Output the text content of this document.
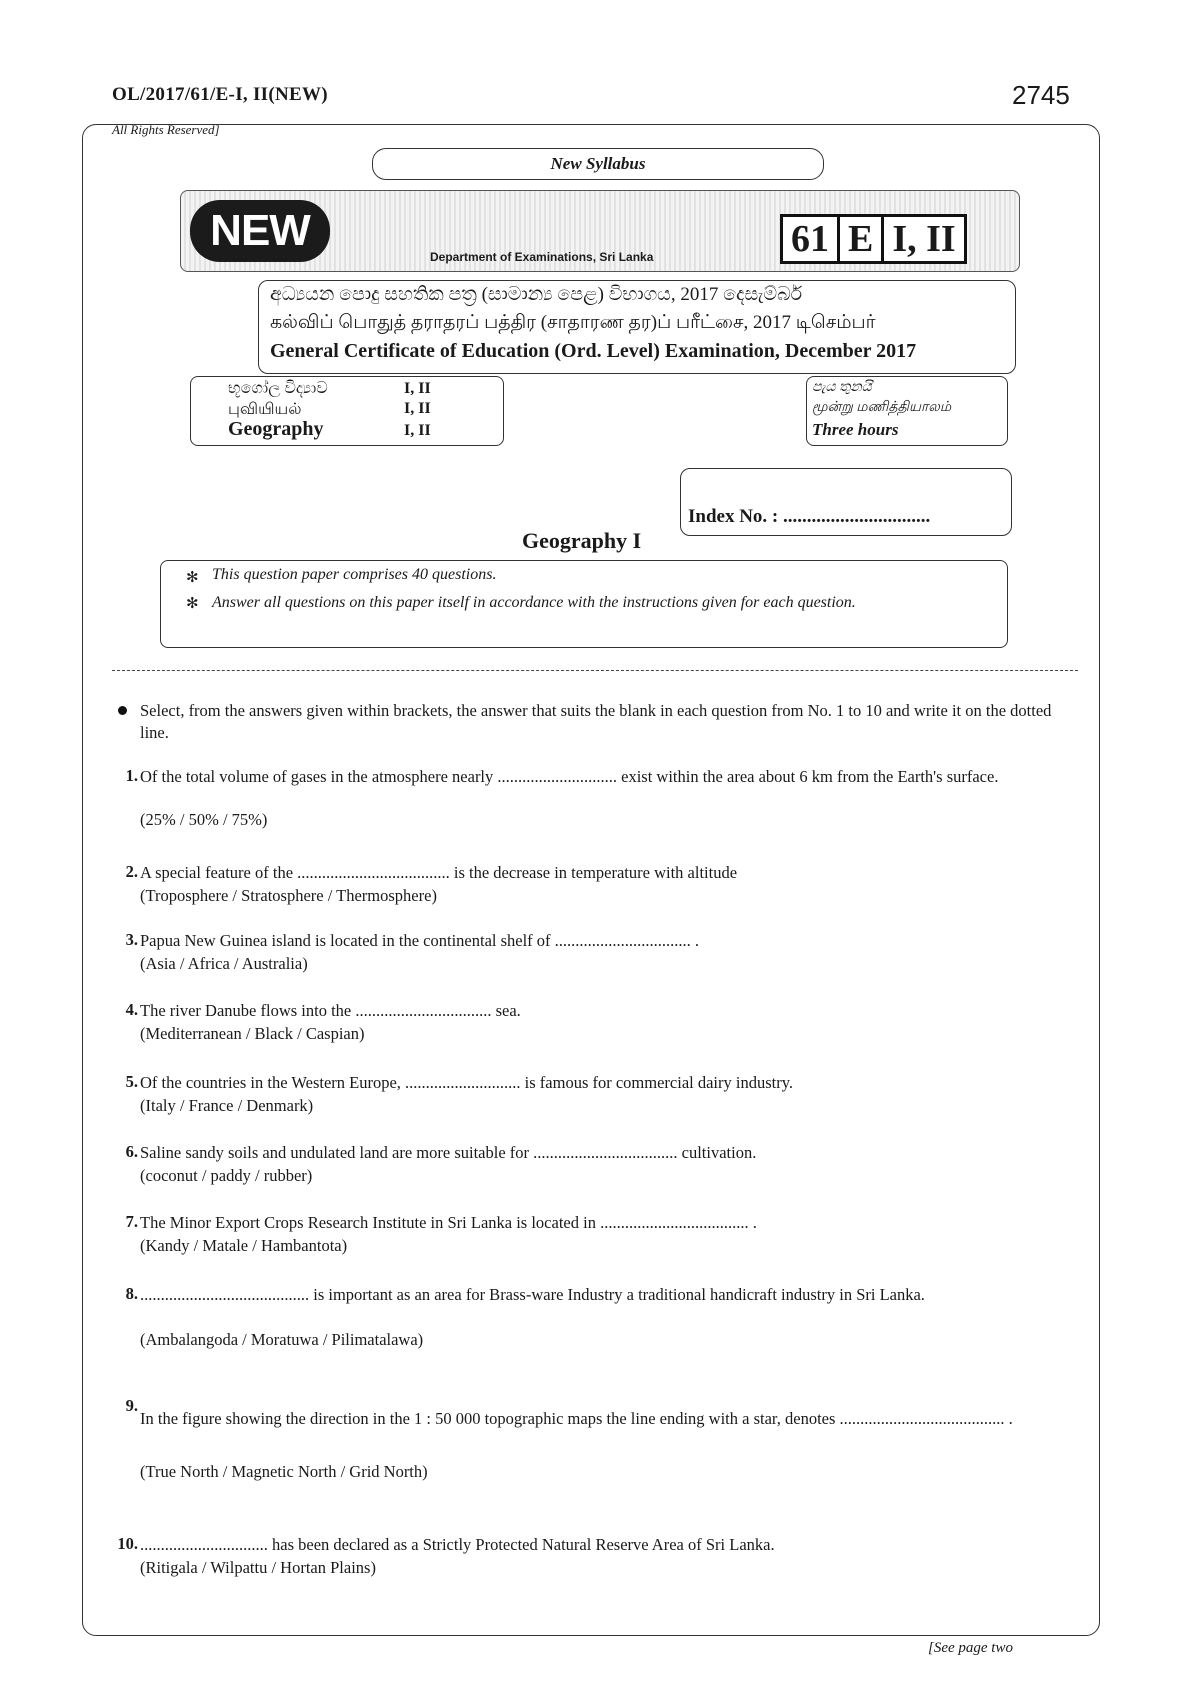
OL/2017/61/E-I, II(NEW)	2745
All Rights Reserved]
New Syllabus
NEW
Department of Examinations, Sri Lanka	61 E I, II
අධ්‍යයන පොදු සහතික පත්‍ර (සාමාන්‍ය පෙළ) විභාගය, 2017 දෙසැම්බර්
கல்விப் பொதுத் தராதரப் பத்திர (சாதாரண தர)ப் பரீட்சை, 2017 டிசெம்பர்
General Certificate of Education (Ord. Level) Examination, December 2017
භූගෝල විද්‍යාව	I, II
புவியியல்	I, II
Geography	I, II
පැය තුනයි
மூன்று மணித்தியாலம்
Three hours
Index No. : ...............................
Geography I
✻ This question paper comprises 40 questions.
✻ Answer all questions on this paper itself in accordance with the instructions given for each question.
Select, from the answers given within brackets, the answer that suits the blank in each question from No. 1 to 10 and write it on the dotted line.
1. Of the total volume of gases in the atmosphere nearly ............................. exist within the area about 6 km from the Earth's surface.
(25% / 50% / 75%)
2. A special feature of the ..................................... is the decrease in temperature with altitude
(Troposphere / Stratosphere / Thermosphere)
3. Papua New Guinea island is located in the continental shelf of ................................. .
(Asia / Africa / Australia)
4. The river Danube flows into the ................................. sea.
(Mediterranean / Black / Caspian)
5. Of the countries in the Western Europe, ............................ is famous for commercial dairy industry.
(Italy / France / Denmark)
6. Saline sandy soils and undulated land are more suitable for ................................... cultivation.
(coconut / paddy / rubber)
7. The Minor Export Crops Research Institute in Sri Lanka is located in .................................... .
(Kandy / Matale / Hambantota)
8. ......................................... is important as an area for Brass-ware Industry a traditional handicraft industry in Sri Lanka.
(Ambalangoda / Moratuwa / Pilimatalawa)
9.
In the figure showing the direction in the 1 : 50 000 topographic maps the line ending with a star, denotes ........................................ .
(True North / Magnetic North / Grid North)
10. ............................... has been declared as a Strictly Protected Natural Reserve Area of Sri Lanka.
(Ritigala / Wilpattu / Hortan Plains)
[See page two
